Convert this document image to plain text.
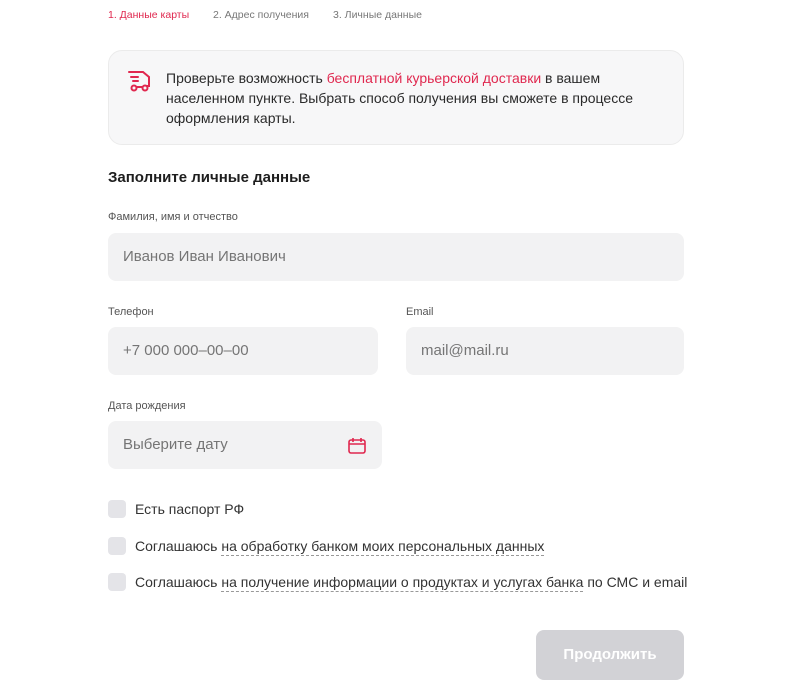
1. Данные карты 2. Адрес получения 3. Личные данные
Проверьте возможность бесплатной курьерской доставки в вашем населенном пункте. Выбрать способ получения вы сможете в процессе оформления карты.
Заполните личные данные
Фамилия, имя и отчество
Иванов Иван Иванович
Телефон
+7 000 000–00–00	Email
mail@mail.ru
Дата рождения
Выберите дату
Есть паспорт РФ
Соглашаюсь на обработку банком моих персональных данных
Соглашаюсь на получение информации о продуктах и услугах банка по СМС и email
Продолжить
